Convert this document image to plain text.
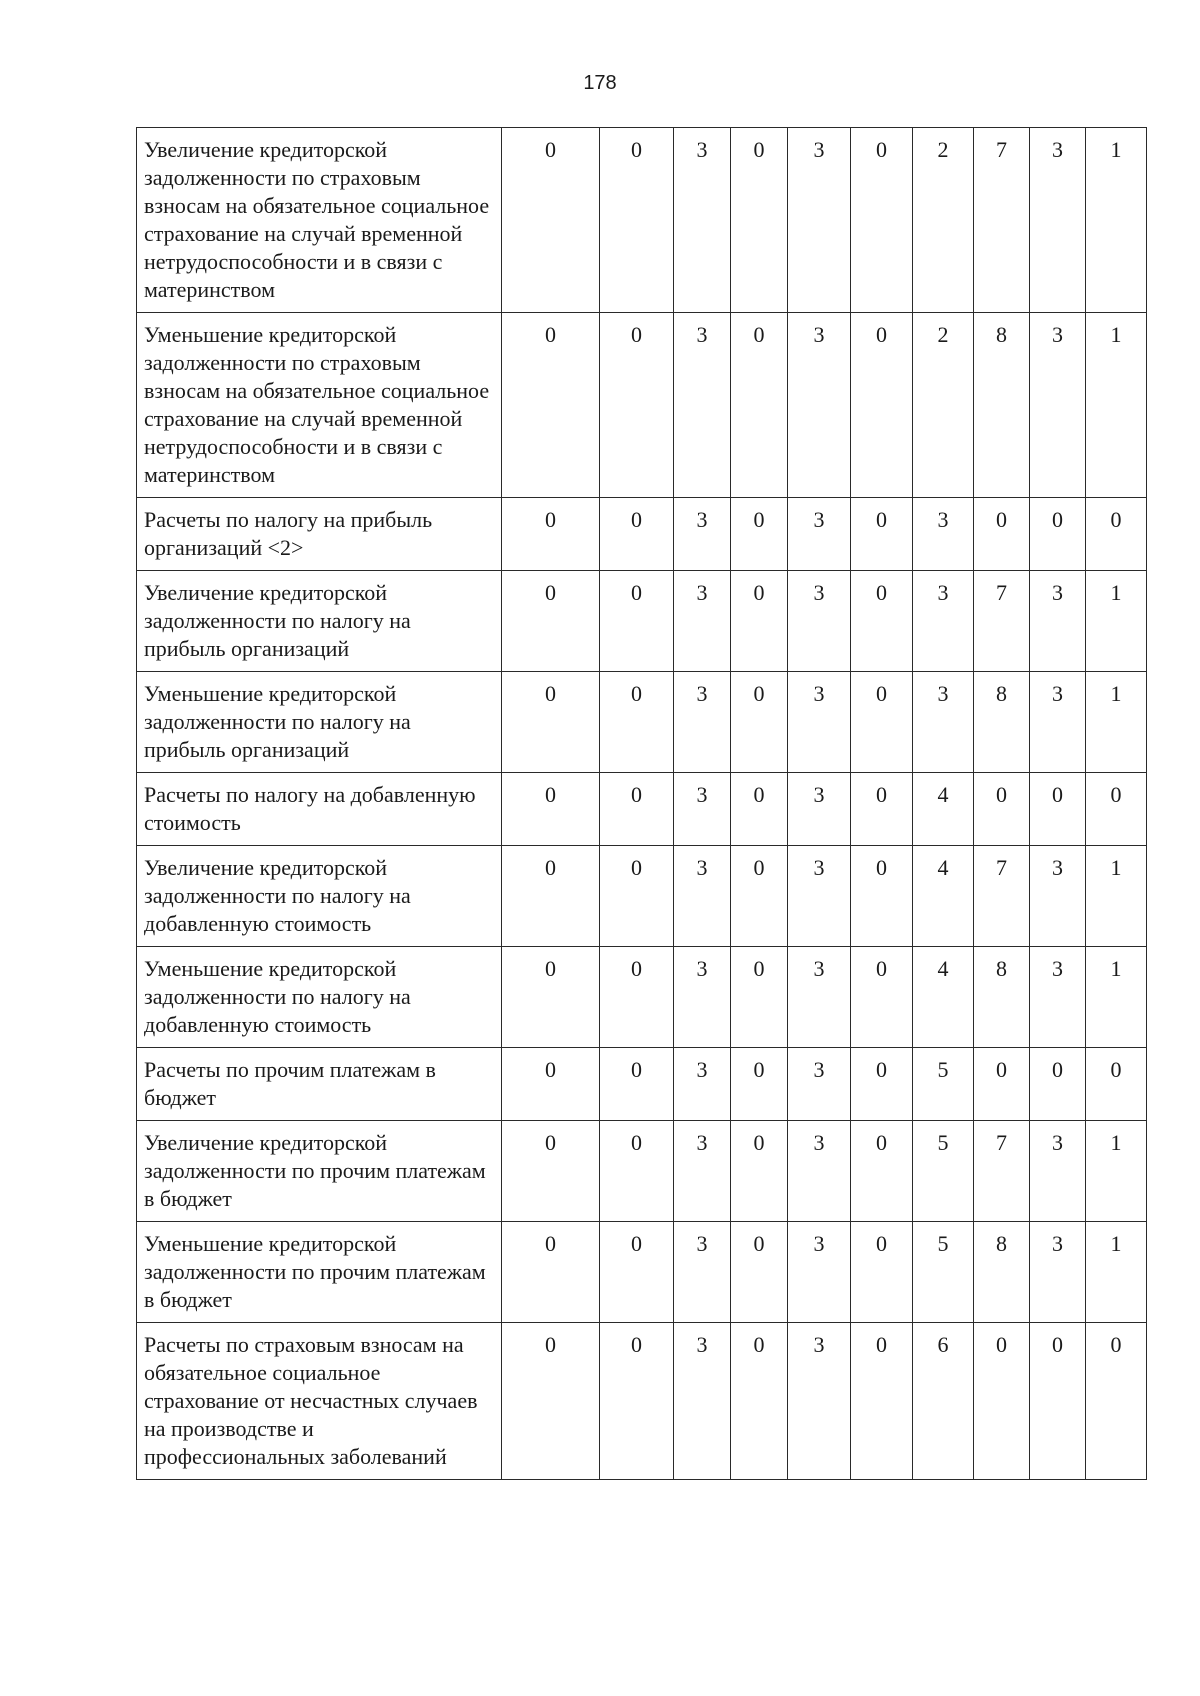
178
Увеличение кредиторской задолженности по страховым взносам на обязательное социальное страхование на случай временной нетрудоспособности и в связи с материнством	0	0	3	0	3	0	2	7	3	1
Уменьшение кредиторской задолженности по страховым взносам на обязательное социальное страхование на случай временной нетрудоспособности и в связи с материнством	0	0	3	0	3	0	2	8	3	1
Расчеты по налогу на прибыль организаций <2>	0	0	3	0	3	0	3	0	0	0
Увеличение кредиторской задолженности по налогу на прибыль организаций	0	0	3	0	3	0	3	7	3	1
Уменьшение кредиторской задолженности по налогу на прибыль организаций	0	0	3	0	3	0	3	8	3	1
Расчеты по налогу на добавленную стоимость	0	0	3	0	3	0	4	0	0	0
Увеличение кредиторской задолженности по налогу на добавленную стоимость	0	0	3	0	3	0	4	7	3	1
Уменьшение кредиторской задолженности по налогу на добавленную стоимость	0	0	3	0	3	0	4	8	3	1
Расчеты по прочим платежам в бюджет	0	0	3	0	3	0	5	0	0	0
Увеличение кредиторской задолженности по прочим платежам в бюджет	0	0	3	0	3	0	5	7	3	1
Уменьшение кредиторской задолженности по прочим платежам в бюджет	0	0	3	0	3	0	5	8	3	1
Расчеты по страховым взносам на обязательное социальное страхование от несчастных случаев на производстве и профессиональных заболеваний	0	0	3	0	3	0	6	0	0	0
